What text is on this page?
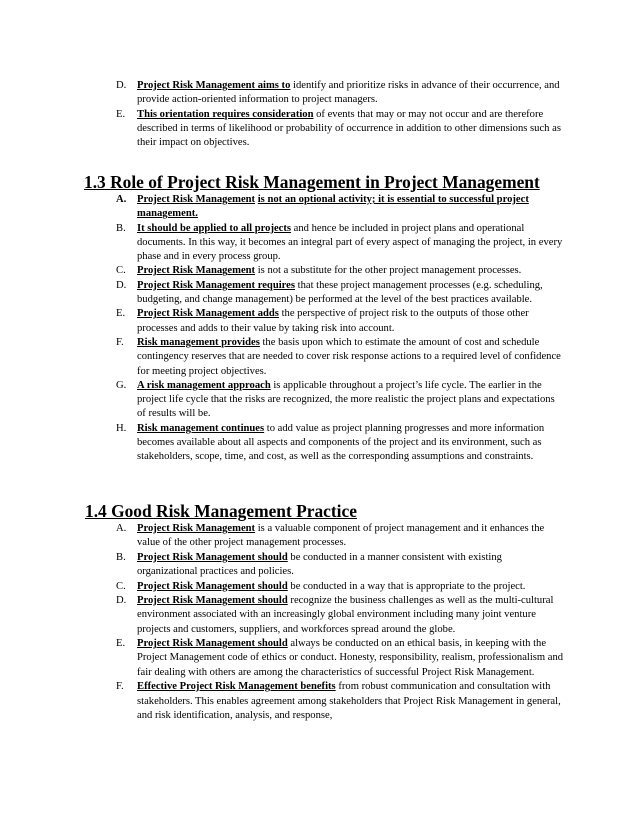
D. Project Risk Management aims to identify and prioritize risks in advance of their occurrence, and provide action-oriented information to project managers.
E. This orientation requires consideration of events that may or may not occur and are therefore described in terms of likelihood or probability of occurrence in addition to other dimensions such as their impact on objectives.
1.3 Role of Project Risk Management in Project Management
A. Project Risk Management is not an optional activity; it is essential to successful project management.
B. It should be applied to all projects and hence be included in project plans and operational documents. In this way, it becomes an integral part of every aspect of managing the project, in every phase and in every process group.
C. Project Risk Management is not a substitute for the other project management processes.
D. Project Risk Management requires that these project management processes (e.g. scheduling, budgeting, and change management) be performed at the level of the best practices available.
E. Project Risk Management adds the perspective of project risk to the outputs of those other processes and adds to their value by taking risk into account.
F. Risk management provides the basis upon which to estimate the amount of cost and schedule contingency reserves that are needed to cover risk response actions to a required level of confidence for meeting project objectives.
G. A risk management approach is applicable throughout a project’s life cycle. The earlier in the project life cycle that the risks are recognized, the more realistic the project plans and expectations of results will be.
H. Risk management continues to add value as project planning progresses and more information becomes available about all aspects and components of the project and its environment, such as stakeholders, scope, time, and cost, as well as the corresponding assumptions and constraints.
1.4 Good Risk Management Practice
A. Project Risk Management is a valuable component of project management and it enhances the value of the other project management processes.
B. Project Risk Management should be conducted in a manner consistent with existing organizational practices and policies.
C. Project Risk Management should be conducted in a way that is appropriate to the project.
D. Project Risk Management should recognize the business challenges as well as the multi-cultural environment associated with an increasingly global environment including many joint venture projects and customers, suppliers, and workforces spread around the globe.
E. Project Risk Management should always be conducted on an ethical basis, in keeping with the Project Management code of ethics or conduct. Honesty, responsibility, realism, professionalism and fair dealing with others are among the characteristics of successful Project Risk Management.
F. Effective Project Risk Management benefits from robust communication and consultation with stakeholders. This enables agreement among stakeholders that Project Risk Management in general, and risk identification, analysis, and response,
